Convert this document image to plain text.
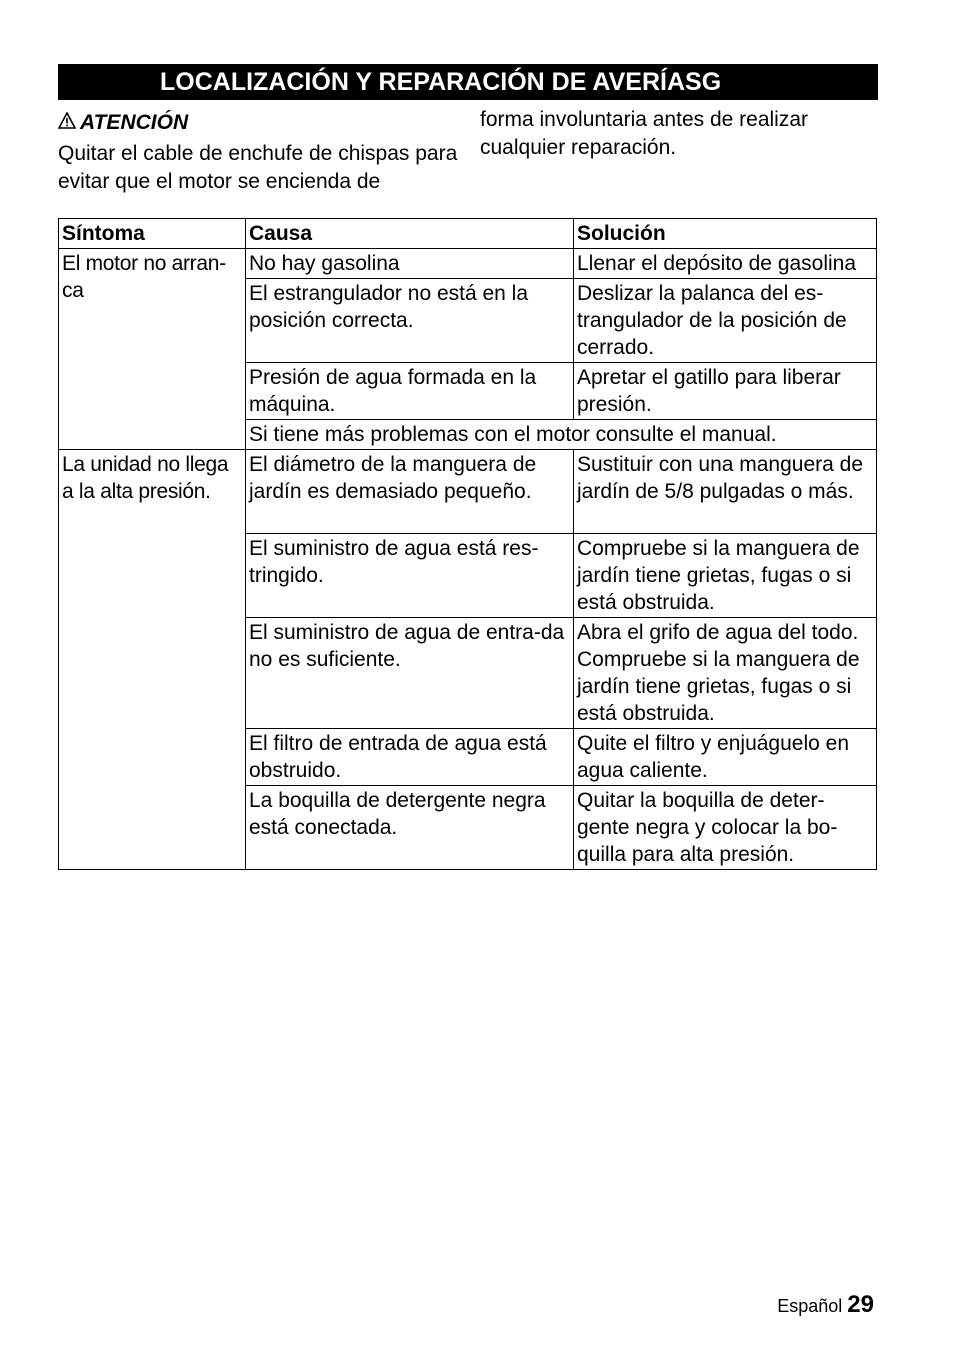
LOCALIZACIÓN Y REPARACIÓN DE AVERÍASG
ATENCIÓN

Quitar el cable de enchufe de chispas para evitar que el motor se encienda de

forma involuntaria antes de realizar cualquier reparación.

Síntoma	Causa	Solución
El motor no arran-ca	No hay gasolina	Llenar el depósito de gasolina
	El estrangulador no está en la posición correcta.	Deslizar la palanca del es-trangulador de la posición de cerrado.
	Presión de agua formada en la máquina.	Apretar el gatillo para liberar presión.
	Si tiene más problemas con el motor consulte el manual.	
La unidad no llega a la alta presión.	El diámetro de la manguera de jardín es demasiado pequeño.	Sustituir con una manguera de jardín de 5/8 pulgadas o más.
	El suministro de agua está res-tringido.	Compruebe si la manguera de jardín tiene grietas, fugas o si está obstruida.
	El suministro de agua de entra-da no es suficiente.	Abra el grifo de agua del todo. Compruebe si la manguera de jardín tiene grietas, fugas o si está obstruida.
	El filtro de entrada de agua está obstruido.	Quite el filtro y enjuáguelo en agua caliente.
	La boquilla de detergente negra está conectada.	Quitar la boquilla de deter-gente negra y colocar la bo-quilla para alta presión.
Español 29
